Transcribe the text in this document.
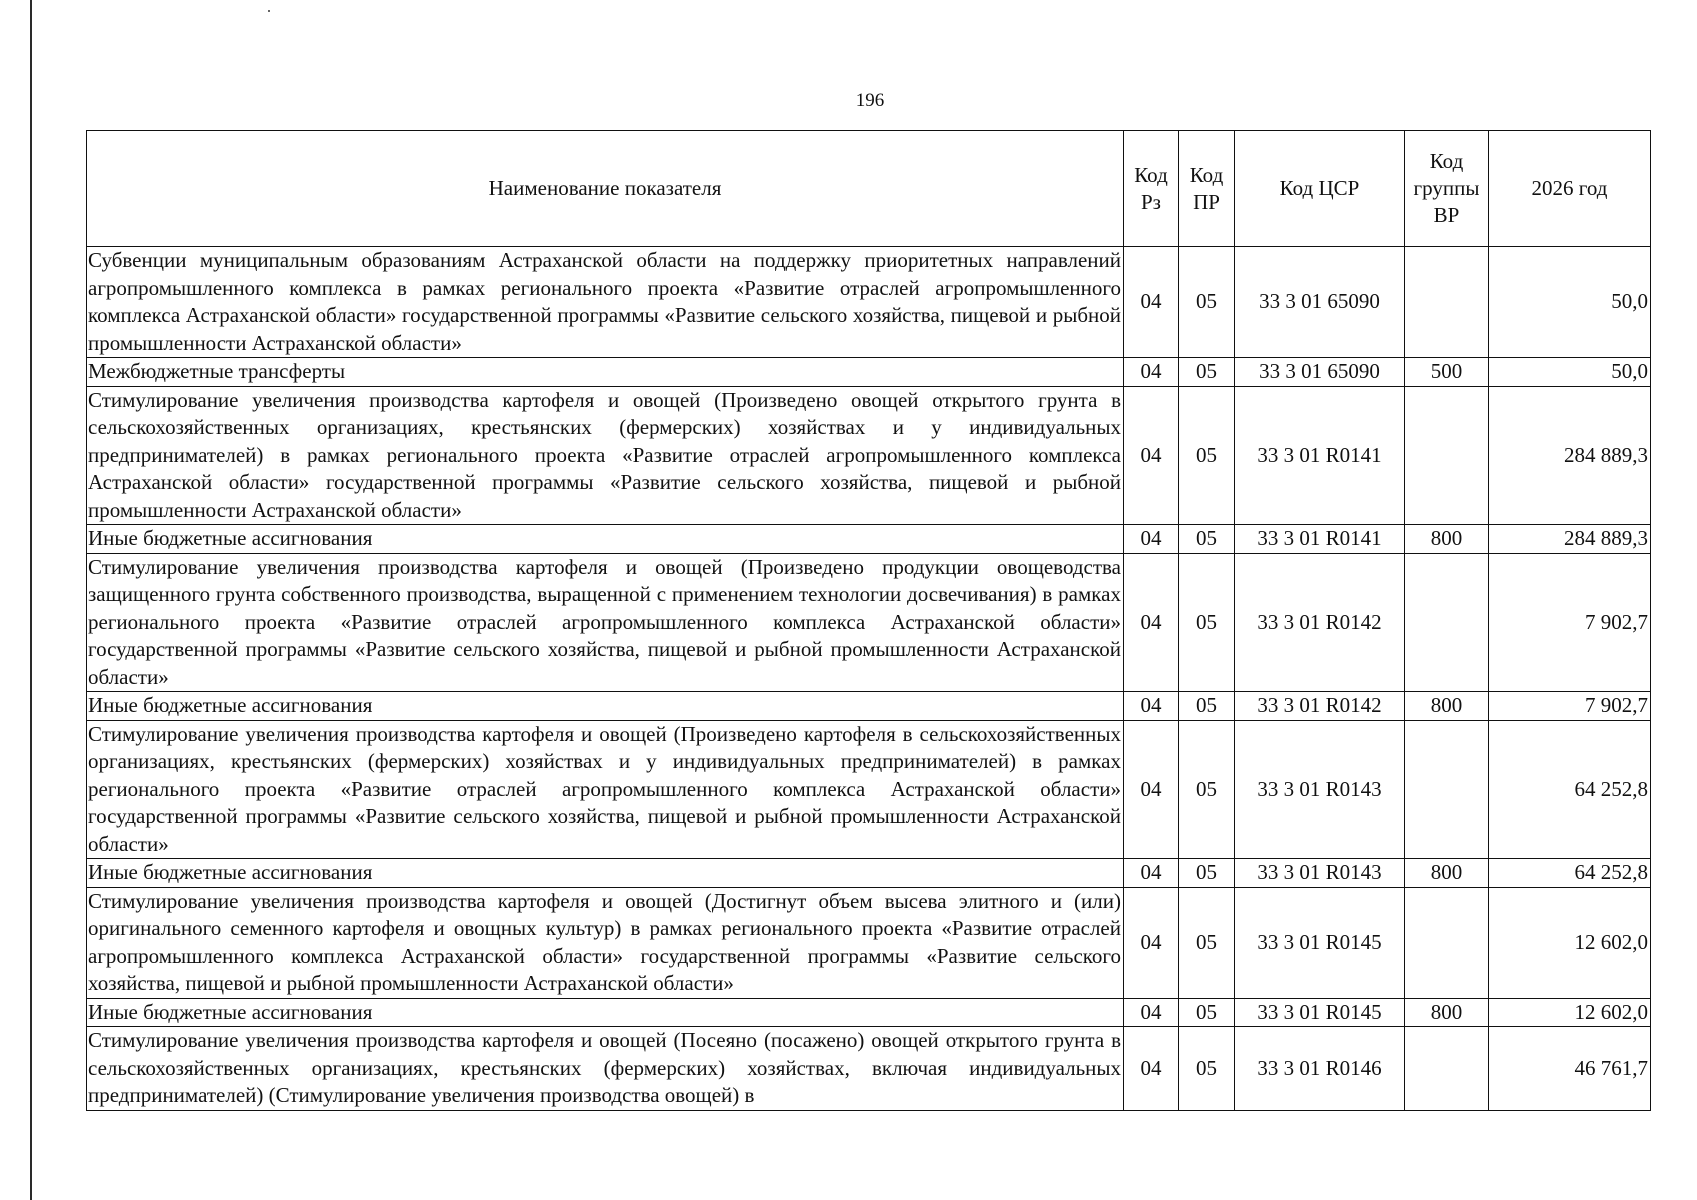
196
Наименование показателя	Код Рз	Код ПР	Код ЦСР	Код группы ВР	2026 год
Субвенции муниципальным образованиям Астраханской области на поддержку приоритетных направлений агропромышленного комплекса в рамках регионального проекта «Развитие отраслей агропромышленного комплекса Астраханской области» государственной программы «Развитие сельского хозяйства, пищевой и рыбной промышленности Астраханской области»	04	05	33 3 01 65090		50,0
Межбюджетные трансферты	04	05	33 3 01 65090	500	50,0
Стимулирование увеличения производства картофеля и овощей (Произведено овощей открытого грунта в сельскохозяйственных организациях, крестьянских (фермерских) хозяйствах и у индивидуальных предпринимателей) в рамках регионального проекта «Развитие отраслей агропромышленного комплекса Астраханской области» государственной программы «Развитие сельского хозяйства, пищевой и рыбной промышленности Астраханской области»	04	05	33 3 01 R0141		284 889,3
Иные бюджетные ассигнования	04	05	33 3 01 R0141	800	284 889,3
Стимулирование увеличения производства картофеля и овощей (Произведено продукции овощеводства защищенного грунта собственного производства, выращенной с применением технологии досвечивания) в рамках регионального проекта «Развитие отраслей агропромышленного комплекса Астраханской области» государственной программы «Развитие сельского хозяйства, пищевой и рыбной промышленности Астраханской области»	04	05	33 3 01 R0142		7 902,7
Иные бюджетные ассигнования	04	05	33 3 01 R0142	800	7 902,7
Стимулирование увеличения производства картофеля и овощей (Произведено картофеля в сельскохозяйственных организациях, крестьянских (фермерских) хозяйствах и у индивидуальных предпринимателей) в рамках регионального проекта «Развитие отраслей агропромышленного комплекса Астраханской области» государственной программы «Развитие сельского хозяйства, пищевой и рыбной промышленности Астраханской области»	04	05	33 3 01 R0143		64 252,8
Иные бюджетные ассигнования	04	05	33 3 01 R0143	800	64 252,8
Стимулирование увеличения производства картофеля и овощей (Достигнут объем высева элитного и (или) оригинального семенного картофеля и овощных культур) в рамках регионального проекта «Развитие отраслей агропромышленного комплекса Астраханской области» государственной программы «Развитие сельского хозяйства, пищевой и рыбной промышленности Астраханской области»	04	05	33 3 01 R0145		12 602,0
Иные бюджетные ассигнования	04	05	33 3 01 R0145	800	12 602,0
Стимулирование увеличения производства картофеля и овощей (Посеяно (посажено) овощей открытого грунта в сельскохозяйственных организациях, крестьянских (фермерских) хозяйствах, включая индивидуальных предпринимателей) (Стимулирование увеличения производства овощей) в	04	05	33 3 01 R0146		46 761,7
